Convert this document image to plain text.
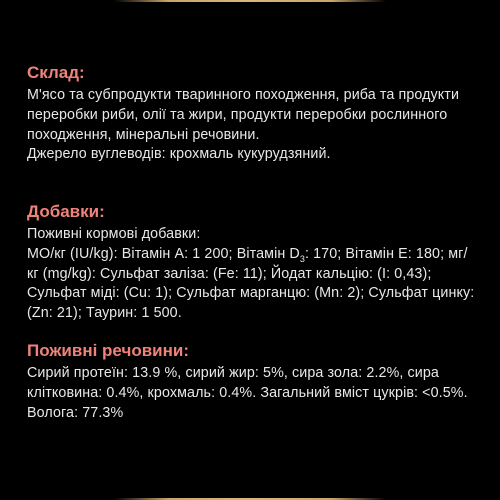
Склад:

М'ясо та субпродукти тваринного походження, риба та продукти переробки риби, олії та жири, продукти переробки рослинного походження, мінеральні речовини.

Джерело вуглеводів: крохмаль кукурудзяний.

Добавки:

Поживні кормові добавки:

МО/кг (IU/kg): Вітамін А: 1 200; Вітамін $D_3$: 170; Вітамін Е: 180; мг/кг (mg/kg): Сульфат заліза: (Fe: 11); Йодат кальцію: (I: 0,43); Сульфат міді: (Cu: 1); Сульфат марганцю: (Mn: 2); Сульфат цинку: (Zn: 21); Таурин: 1 500.

Поживні речовини:

Сирий протеїн: 13.9 %, сирий жир: 5%, сира зола: 2.2%, сира клітковина: 0.4%, крохмаль: 0.4%. Загальний вміст цукрів: <0.5%. Волога: 77.3%
